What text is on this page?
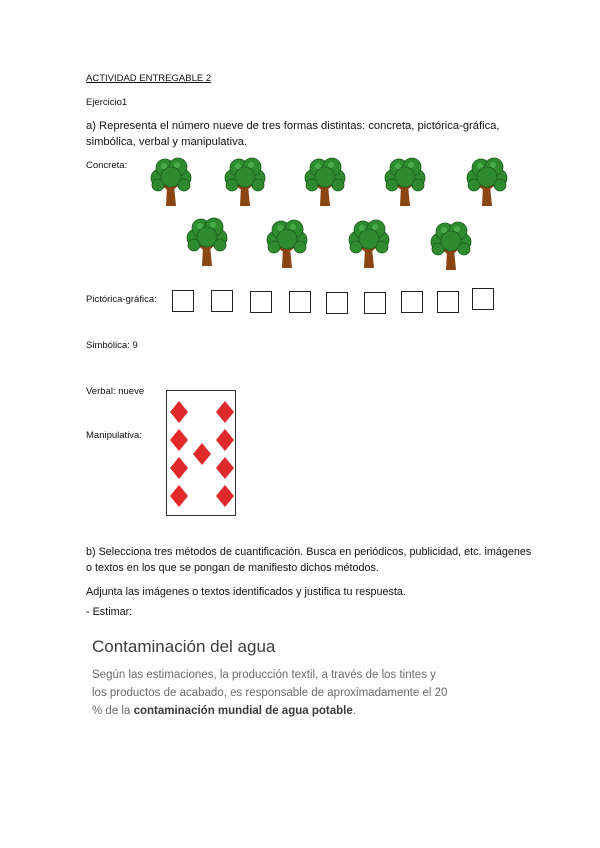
ACTIVIDAD ENTREGABLE 2
Ejercicio1
a) Representa el número nueve de tres formas distintas: concreta, pictórica-gráfica, simbólica, verbal y manipulativa.
Concreta:
Pictórica-gráfica:
Simbólica: 9
Verbal: nueve
Manipulativa:
b) Selecciona tres métodos de cuantificación. Busca en periódicos, publicidad, etc. imágenes o textos en los que se pongan de manifiesto dichos métodos.
Adjunta las imágenes o textos identificados y justifica tu respuesta.
- Estimar:
Contaminación del agua
Según las estimaciones, la producción textil, a través de los tintes y los productos de acabado, es responsable de aproximadamente el 20 % de la contaminación mundial de agua potable.
